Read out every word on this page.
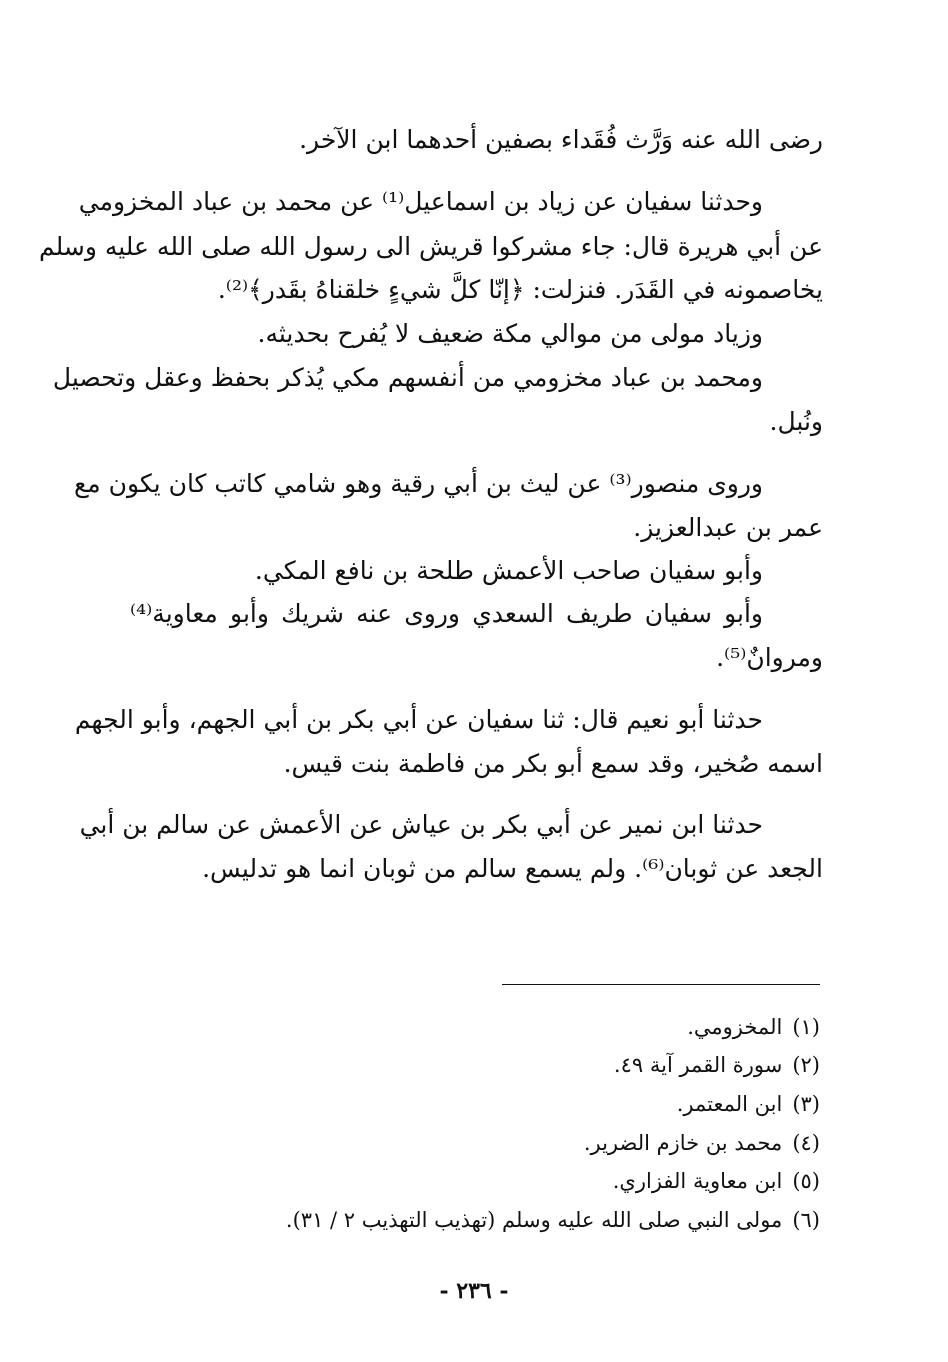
رضى الله عنه وَرَّث فُقَداء بصفين أحدهما ابن الآخر.
وحدثنا سفيان عن زياد بن اسماعيل⁽¹⁾ عن محمد بن عباد المخزومي
عن أبي هريرة قال: جاء مشركوا قريش الى رسول الله صلى الله عليه وسلم
يخاصمونه في القَدَر. فنزلت: ﴿إنّا كلَّ شيءٍ خلقناهُ بقَدر﴾⁽²⁾.
وزياد مولى من موالي مكة ضعيف لا يُفرح بحديثه.
ومحمد بن عباد مخزومي من أنفسهم مكي يُذكر بحفظ وعقل وتحصيل
ونُبل.
وروى منصور⁽³⁾ عن ليث بن أبي رقية وهو شامي كاتب كان يكون مع
عمر بن عبدالعزيز.
وأبو سفيان صاحب الأعمش طلحة بن نافع المكي.
وأبو سفيان طريف السعدي وروى عنه شريك وأبو معاوية⁽⁴⁾
ومروانٌ⁽⁵⁾.
حدثنا أبو نعيم قال: ثنا سفيان عن أبي بكر بن أبي الجهم، وأبو الجهم
اسمه صُخير، وقد سمع أبو بكر من فاطمة بنت قيس.
حدثنا ابن نمير عن أبي بكر بن عياش عن الأعمش عن سالم بن أبي
الجعد عن ثوبان⁽⁶⁾. ولم يسمع سالم من ثوبان انما هو تدليس.
(١)المخزومي.
(٢)سورة القمر آية ٤٩.
(٣)ابن المعتمر.
(٤)محمد بن خازم الضرير.
(٥)ابن معاوية الفزاري.
(٦)مولى النبي صلى الله عليه وسلم (تهذيب التهذيب ٢ / ٣١).
- ٢٣٦ -
